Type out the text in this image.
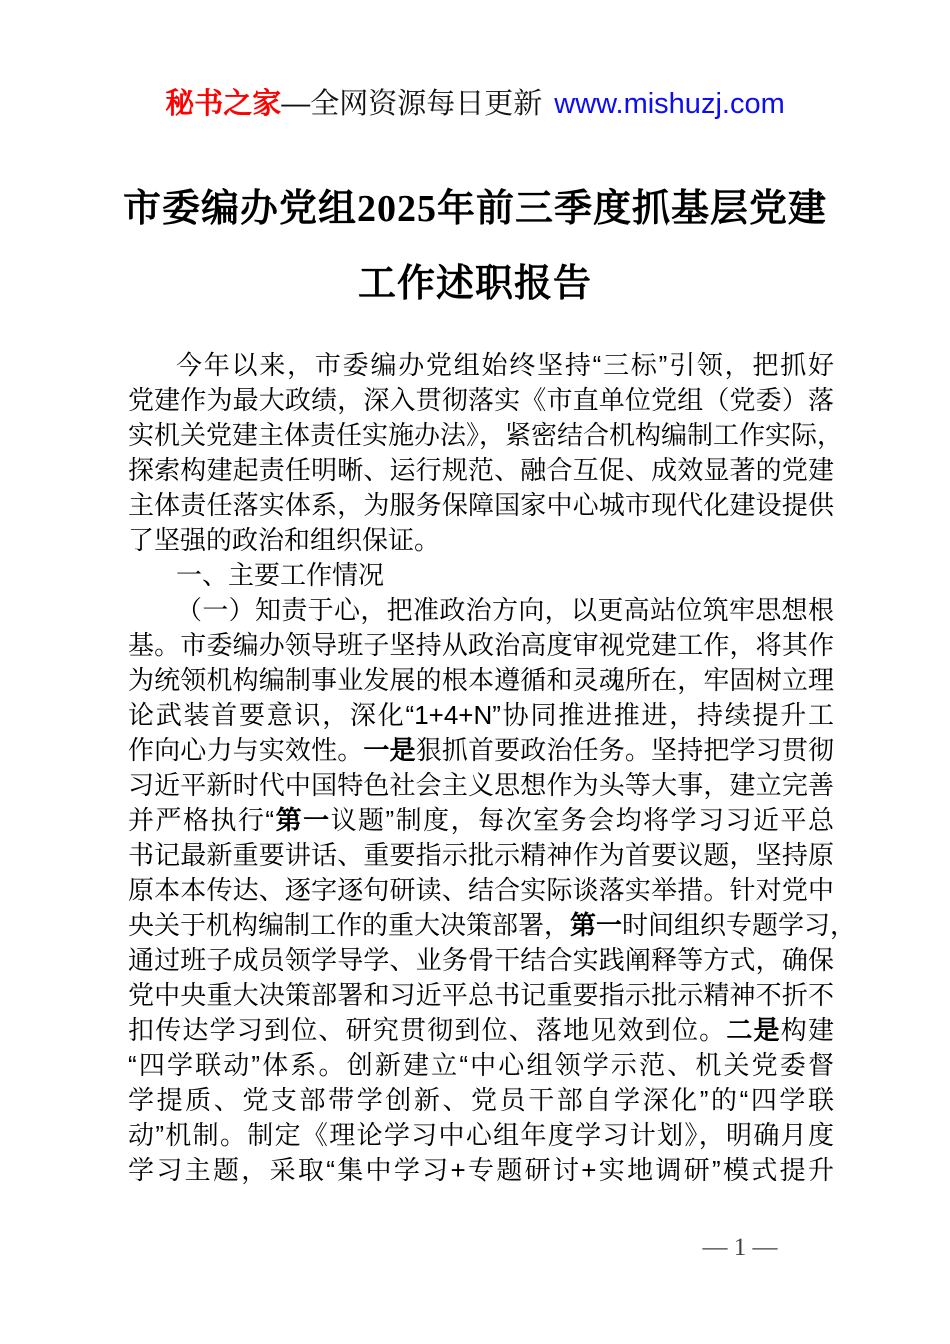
秘书之家—全网资源每日更新 www.mishuzj.com
市委编办党组2025年前三季度抓基层党建
工作述职报告
今年以来，市委编办党组始终坚持“三标”引领，把抓好
党建作为最大政绩，深入贯彻落实《市直单位党组（党委）落
实机关党建主体责任实施办法》，紧密结合机构编制工作实际，
探索构建起责任明晰、运行规范、融合互促、成效显著的党建
主体责任落实体系，为服务保障国家中心城市现代化建设提供
了坚强的政治和组织保证。
一、主要工作情况
（一）知责于心，把准政治方向，以更高站位筑牢思想根
基。市委编办领导班子坚持从政治高度审视党建工作，将其作
为统领机构编制事业发展的根本遵循和灵魂所在，牢固树立理
论武装首要意识，深化“1+4+N”协同推进推进，持续提升工
作向心力与实效性。一是狠抓首要政治任务。坚持把学习贯彻
习近平新时代中国特色社会主义思想作为头等大事，建立完善
并严格执行“第一议题”制度，每次室务会均将学习习近平总
书记最新重要讲话、重要指示批示精神作为首要议题，坚持原
原本本传达、逐字逐句研读、结合实际谈落实举措。针对党中
央关于机构编制工作的重大决策部署，第一时间组织专题学习，
通过班子成员领学导学、业务骨干结合实践阐释等方式，确保
党中央重大决策部署和习近平总书记重要指示批示精神不折不
扣传达学习到位、研究贯彻到位、落地见效到位。二是构建
“四学联动”体系。创新建立“中心组领学示范、机关党委督
学提质、党支部带学创新、党员干部自学深化”的“四学联
动”机制。制定《理论学习中心组年度学习计划》，明确月度
学习主题，采取“集中学习+专题研讨+实地调研”模式提升
— 1 —
